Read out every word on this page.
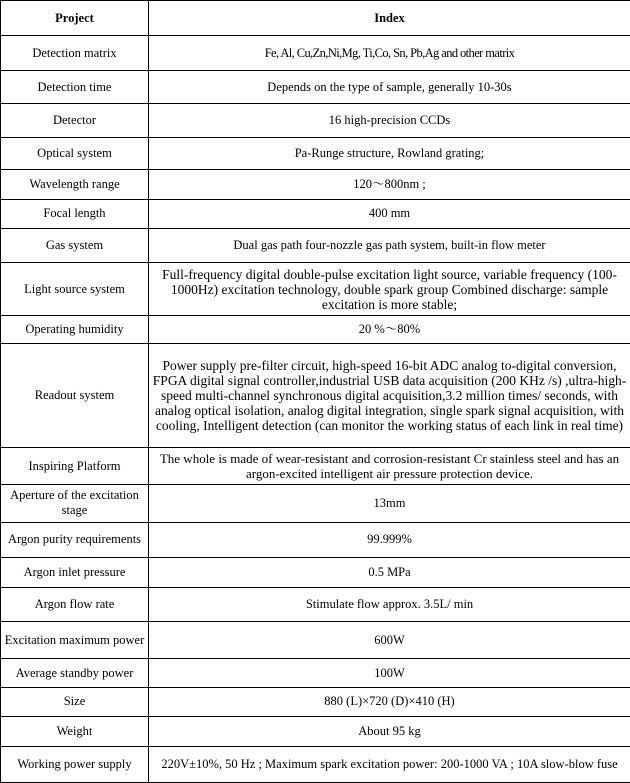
Project	Index
Detection matrix	Fe, Al, Cu,Zn,Ni,Mg, Ti,Co, Sn, Pb,Ag and other matrix
Detection time	Depends on the type of sample, generally 10-30s
Detector	16 high-precision CCDs
Optical system	Pa-Runge structure, Rowland grating;
Wavelength range	120～800nm ;
Focal length	400 mm
Gas system	Dual gas path four-nozzle gas path system, built-in flow meter
Light source system	Full-frequency digital double-pulse excitation light source, variable frequency (100-1000Hz) excitation technology, double spark group Combined discharge: sample excitation is more stable;
Operating humidity	20 %～80%
Readout system	Power supply pre-filter circuit, high-speed 16-bit ADC analog to-digital conversion, FPGA digital signal controller,industrial USB data acquisition (200 KHz /s) ,ultra-high-speed multi-channel synchronous digital acquisition,3.2 million times/ seconds, with analog optical isolation, analog digital integration, single spark signal acquisition, with cooling, Intelligent detection (can monitor the working status of each link in real time)
Inspiring Platform	The whole is made of wear-resistant and corrosion-resistant Cr stainless steel and has an argon-excited intelligent air pressure protection device.
Aperture of the excitation stage	13mm
Argon purity requirements	99.999%
Argon inlet pressure	0.5 MPa
Argon flow rate	Stimulate flow approx. 3.5L/ min
Excitation maximum power	600W
Average standby power	100W
Size	880 (L)×720 (D)×410 (H)
Weight	About 95 kg
Working power supply	220V±10%, 50 Hz ; Maximum spark excitation power: 200-1000 VA ; 10A slow-blow fuse
